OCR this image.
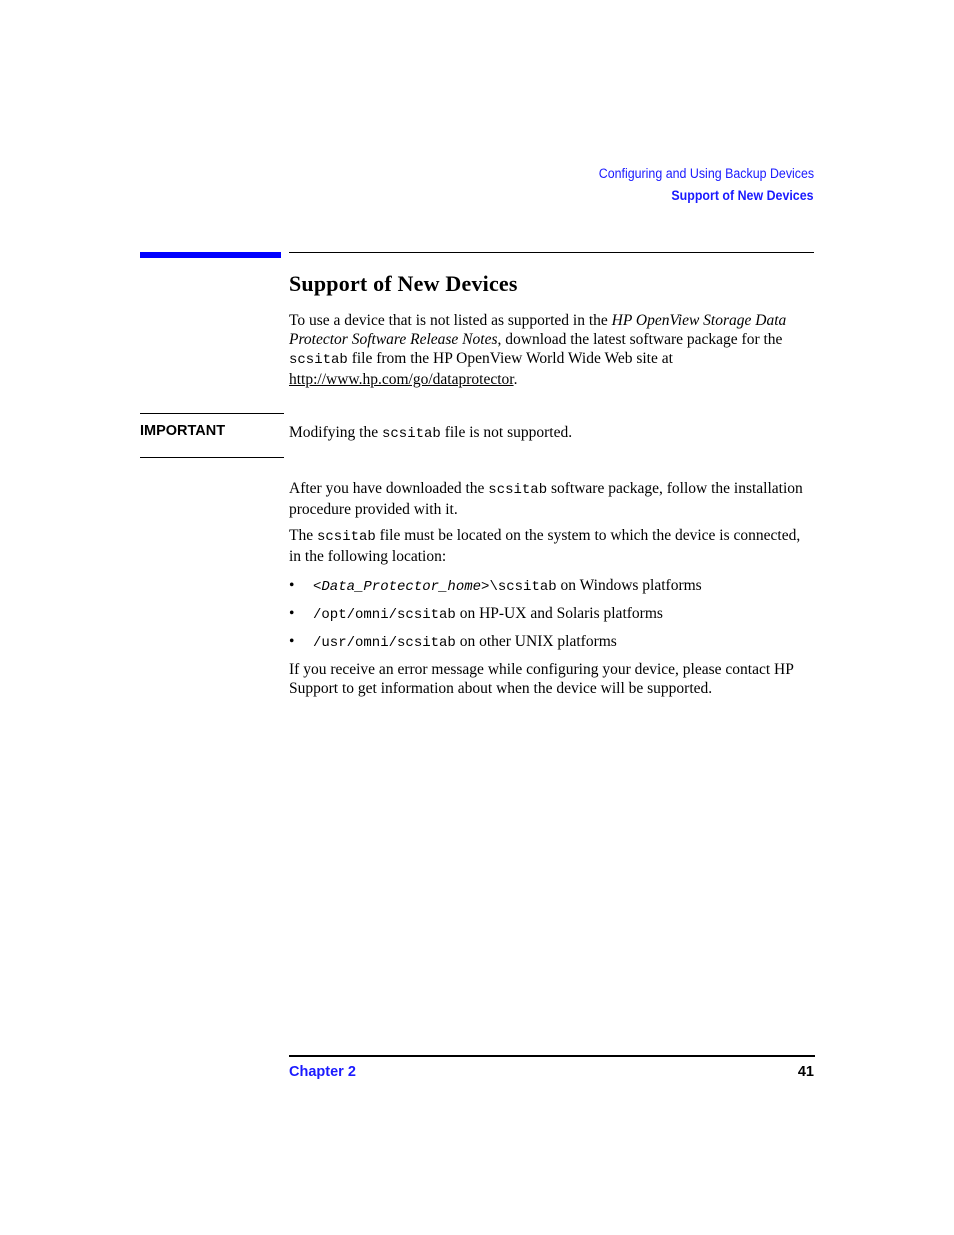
Configuring and Using Backup Devices
Support of New Devices
Support of New Devices

To use a device that is not listed as supported in the HP OpenView Storage Data Protector Software Release Notes, download the latest software package for the scsitab file from the HP OpenView World Wide Web site at http://www.hp.com/go/dataprotector.

IMPORTANT	Modifying the scsitab file is not supported.

After you have downloaded the scsitab software package, follow the installation procedure provided with it.

The scsitab file must be located on the system to which the device is connected, in the following location:

• <Data_Protector_home>\scsitab on Windows platforms
• /opt/omni/scsitab on HP-UX and Solaris platforms
• /usr/omni/scsitab on other UNIX platforms

If you receive an error message while configuring your device, please contact HP Support to get information about when the device will be supported.

Chapter 2	41
